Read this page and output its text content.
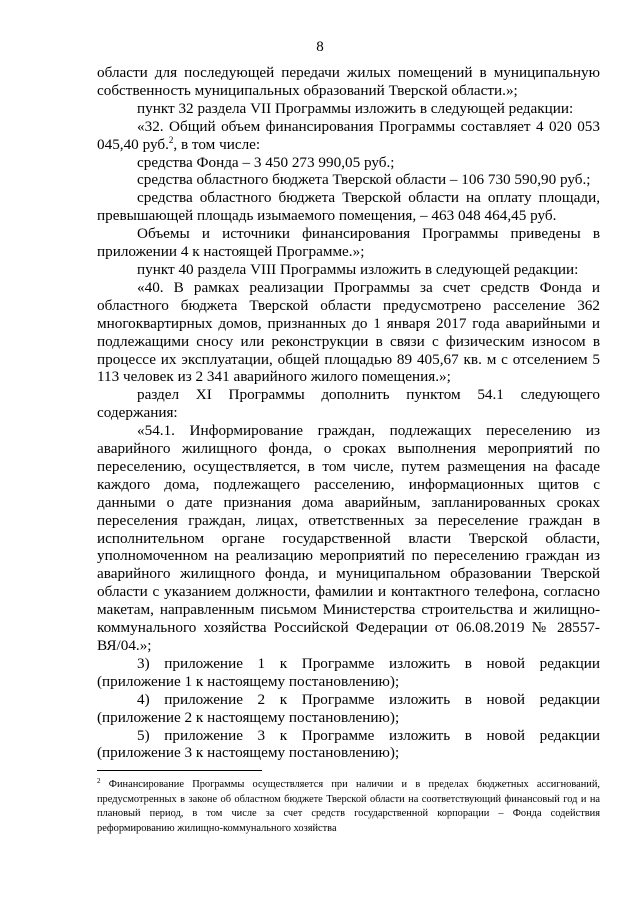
8

области для последующей передачи жилых помещений в муниципальную собственность муниципальных образований Тверской области.»;

пункт 32 раздела VII Программы изложить в следующей редакции:

«32. Общий объем финансирования Программы составляет 4 020 053 045,40 руб.$^2$, в том числе:

средства Фонда – 3 450 273 990,05 руб.;

средства областного бюджета Тверской области – 106 730 590,90 руб.;

средства областного бюджета Тверской области на оплату площади, превышающей площадь изымаемого помещения, – 463 048 464,45 руб.

Объемы и источники финансирования Программы приведены в приложении 4 к настоящей Программе.»;

пункт 40 раздела VIII Программы изложить в следующей редакции:

«40. В рамках реализации Программы за счет средств Фонда и областного бюджета Тверской области предусмотрено расселение 362 многоквартирных домов, признанных до 1 января 2017 года аварийными и подлежащими сносу или реконструкции в связи с физическим износом в процессе их эксплуатации, общей площадью 89 405,67 кв. м с отселением 5 113 человек из 2 341 аварийного жилого помещения.»;

раздел XI Программы дополнить пунктом 54.1 следующего содержания:

«54.1. Информирование граждан, подлежащих переселению из аварийного жилищного фонда, о сроках выполнения мероприятий по переселению, осуществляется, в том числе, путем размещения на фасаде каждого дома, подлежащего расселению, информационных щитов с данными о дате признания дома аварийным, запланированных сроках переселения граждан, лицах, ответственных за переселение граждан в исполнительном органе государственной власти Тверской области, уполномоченном на реализацию мероприятий по переселению граждан из аварийного жилищного фонда, и муниципальном образовании Тверской области с указанием должности, фамилии и контактного телефона, согласно макетам, направленным письмом Министерства строительства и жилищно-коммунального хозяйства Российской Федерации от 06.08.2019 № 28557-ВЯ/04.»;

3) приложение 1 к Программе изложить в новой редакции (приложение 1 к настоящему постановлению);

4) приложение 2 к Программе изложить в новой редакции (приложение 2 к настоящему постановлению);

5) приложение 3 к Программе изложить в новой редакции (приложение 3 к настоящему постановлению);

$^2$ Финансирование Программы осуществляется при наличии и в пределах бюджетных ассигнований, предусмотренных в законе об областном бюджете Тверской области на соответствующий финансовый год и на плановый период, в том числе за счет средств государственной корпорации – Фонда содействия реформированию жилищно-коммунального хозяйства
